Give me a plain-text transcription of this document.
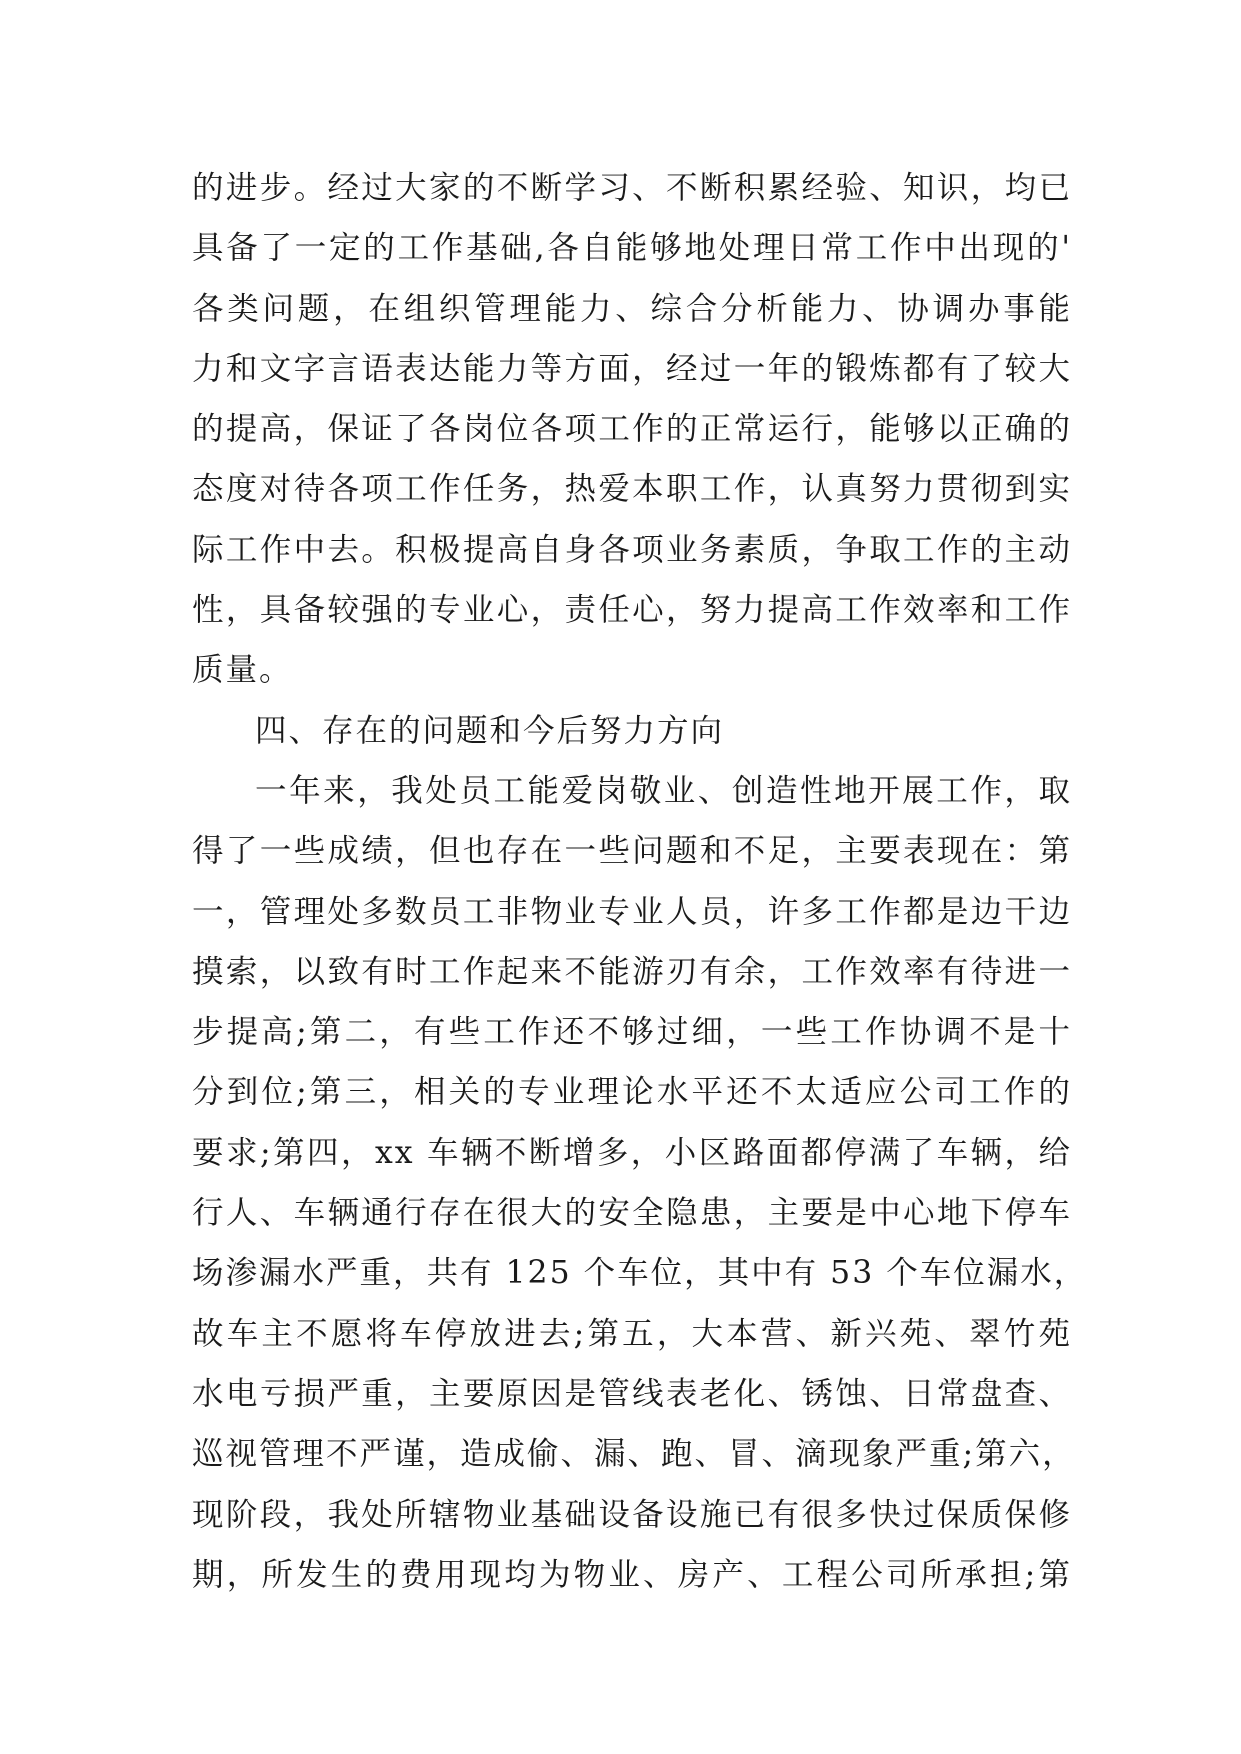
的进步。经过大家的不断学习、不断积累经验、知识，均已
具备了一定的工作基础,各自能够地处理日常工作中出现的'
各类问题，在组织管理能力、综合分析能力、协调办事能
力和文字言语表达能力等方面，经过一年的锻炼都有了较大
的提高，保证了各岗位各项工作的正常运行，能够以正确的
态度对待各项工作任务，热爱本职工作，认真努力贯彻到实
际工作中去。积极提高自身各项业务素质，争取工作的主动
性，具备较强的专业心，责任心，努力提高工作效率和工作
质量。
四、存在的问题和今后努力方向
一年来，我处员工能爱岗敬业、创造性地开展工作，取
得了一些成绩，但也存在一些问题和不足，主要表现在：第
一，管理处多数员工非物业专业人员，许多工作都是边干边
摸索，以致有时工作起来不能游刃有余，工作效率有待进一
步提高;第二，有些工作还不够过细，一些工作协调不是十
分到位;第三，相关的专业理论水平还不太适应公司工作的
要求;第四，xx 车辆不断增多，小区路面都停满了车辆，给
行人、车辆通行存在很大的安全隐患，主要是中心地下停车
场渗漏水严重，共有 125 个车位，其中有 53 个车位漏水，
故车主不愿将车停放进去;第五，大本营、新兴苑、翠竹苑
水电亏损严重，主要原因是管线表老化、锈蚀、日常盘查、
巡视管理不严谨，造成偷、漏、跑、冒、滴现象严重;第六，
现阶段，我处所辖物业基础设备设施已有很多快过保质保修
期，所发生的费用现均为物业、房产、工程公司所承担;第
